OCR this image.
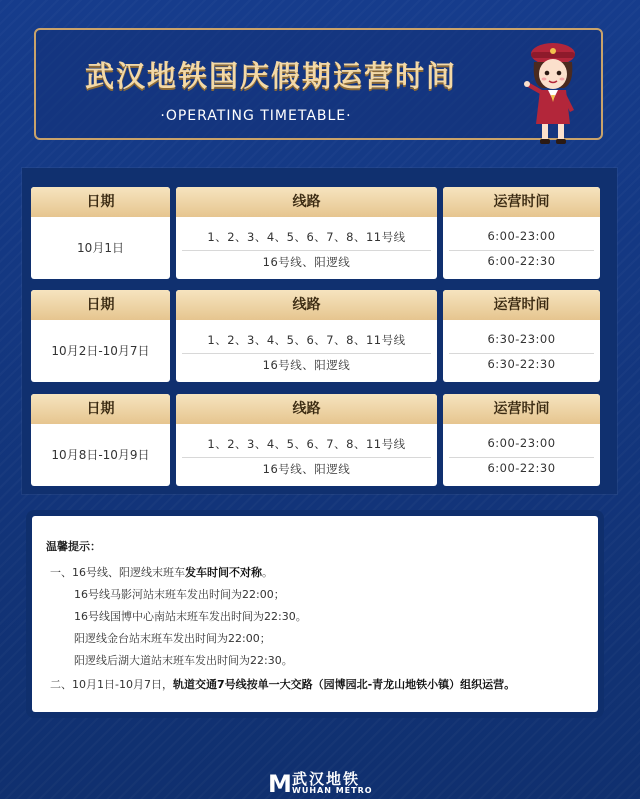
武汉地铁国庆假期运营时间
·OPERATING TIMETABLE·
日期
10月1日
线路
1、2、3、4、5、6、7、8、11号线
16号线、阳逻线
运营时间
6:00-23:00
6:00-22:30
日期
10月2日-10月7日
线路
1、2、3、4、5、6、7、8、11号线
16号线、阳逻线
运营时间
6:30-23:00
6:30-22:30
日期
10月8日-10月9日
线路
1、2、3、4、5、6、7、8、11号线
16号线、阳逻线
运营时间
6:00-23:00
6:00-22:30
温馨提示：
一、16号线、阳逻线末班车发车时间不对称。
16号线马影河站末班车发出时间为22:00；
16号线国博中心南站末班车发出时间为22:30。
阳逻线金台站末班车发出时间为22:00；
阳逻线后湖大道站末班车发出时间为22:30。
二、10月1日-10月7日，轨道交通7号线按单一大交路（园博园北-青龙山地铁小镇）组织运营。
M 武汉地铁
WUHAN METRO
